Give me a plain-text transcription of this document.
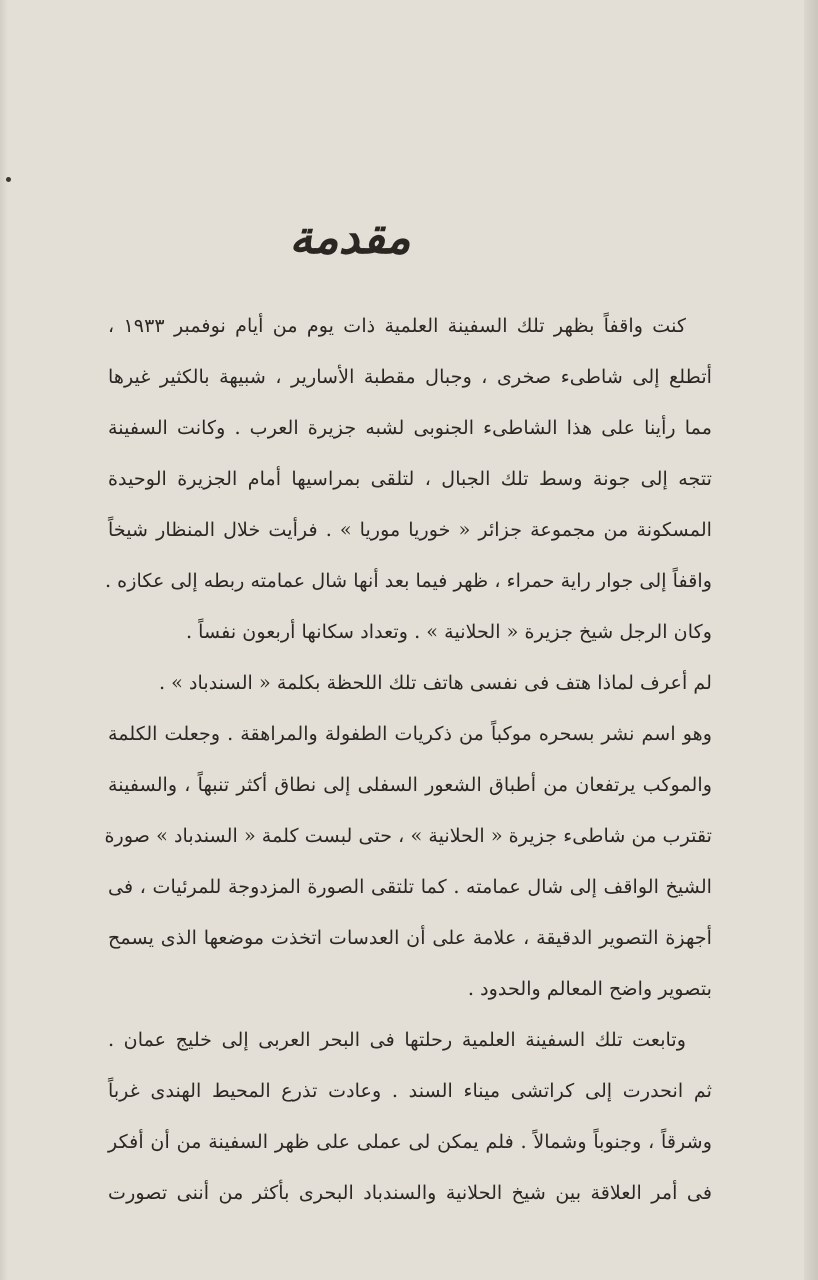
مقدمة
كنت واقفاً بظهر تلك السفينة العلمية ذات يوم من أيام نوفمبر ١٩٣٣ ،
أتطلع إلى شاطىء صخرى ، وجبال مقطبة الأسارير ، شبيهة بالكثير غيرها
مما رأينا على هذا الشاطىء الجنوبى لشبه جزيرة العرب . وكانت السفينة
تتجه إلى جونة وسط تلك الجبال ، لتلقى بمراسيها أمام الجزيرة الوحيدة
المسكونة من مجموعة جزائر « خوريا موريا » . فرأيت خلال المنظار شيخاً
واقفاً إلى جوار راية حمراء ، ظهر فيما بعد أنها شال عمامته ربطه إلى عكازه .
وكان الرجل شيخ جزيرة « الحلانية » . وتعداد سكانها أربعون نفساً .
لم أعرف لماذا هتف فى نفسى هاتف تلك اللحظة بكلمة « السندباد » .
وهو اسم نشر بسحره موكباً من ذكريات الطفولة والمراهقة . وجعلت الكلمة
والموكب يرتفعان من أطباق الشعور السفلى إلى نطاق أكثر تنبهاً ، والسفينة
تقترب من شاطىء جزيرة « الحلانية » ، حتى لبست كلمة « السندباد » صورة
الشيخ الواقف إلى شال عمامته . كما تلتقى الصورة المزدوجة للمرئيات ، فى
أجهزة التصوير الدقيقة ، علامة على أن العدسات اتخذت موضعها الذى يسمح
بتصوير واضح المعالم والحدود .
وتابعت تلك السفينة العلمية رحلتها فى البحر العربى إلى خليج عمان .
ثم انحدرت إلى كراتشى ميناء السند . وعادت تذرع المحيط الهندى غرباً
وشرقاً ، وجنوباً وشمالاً . فلم يمكن لى عملى على ظهر السفينة من أن أفكر
فى أمر العلاقة بين شيخ الحلانية والسندباد البحرى بأكثر من أننى تصورت
